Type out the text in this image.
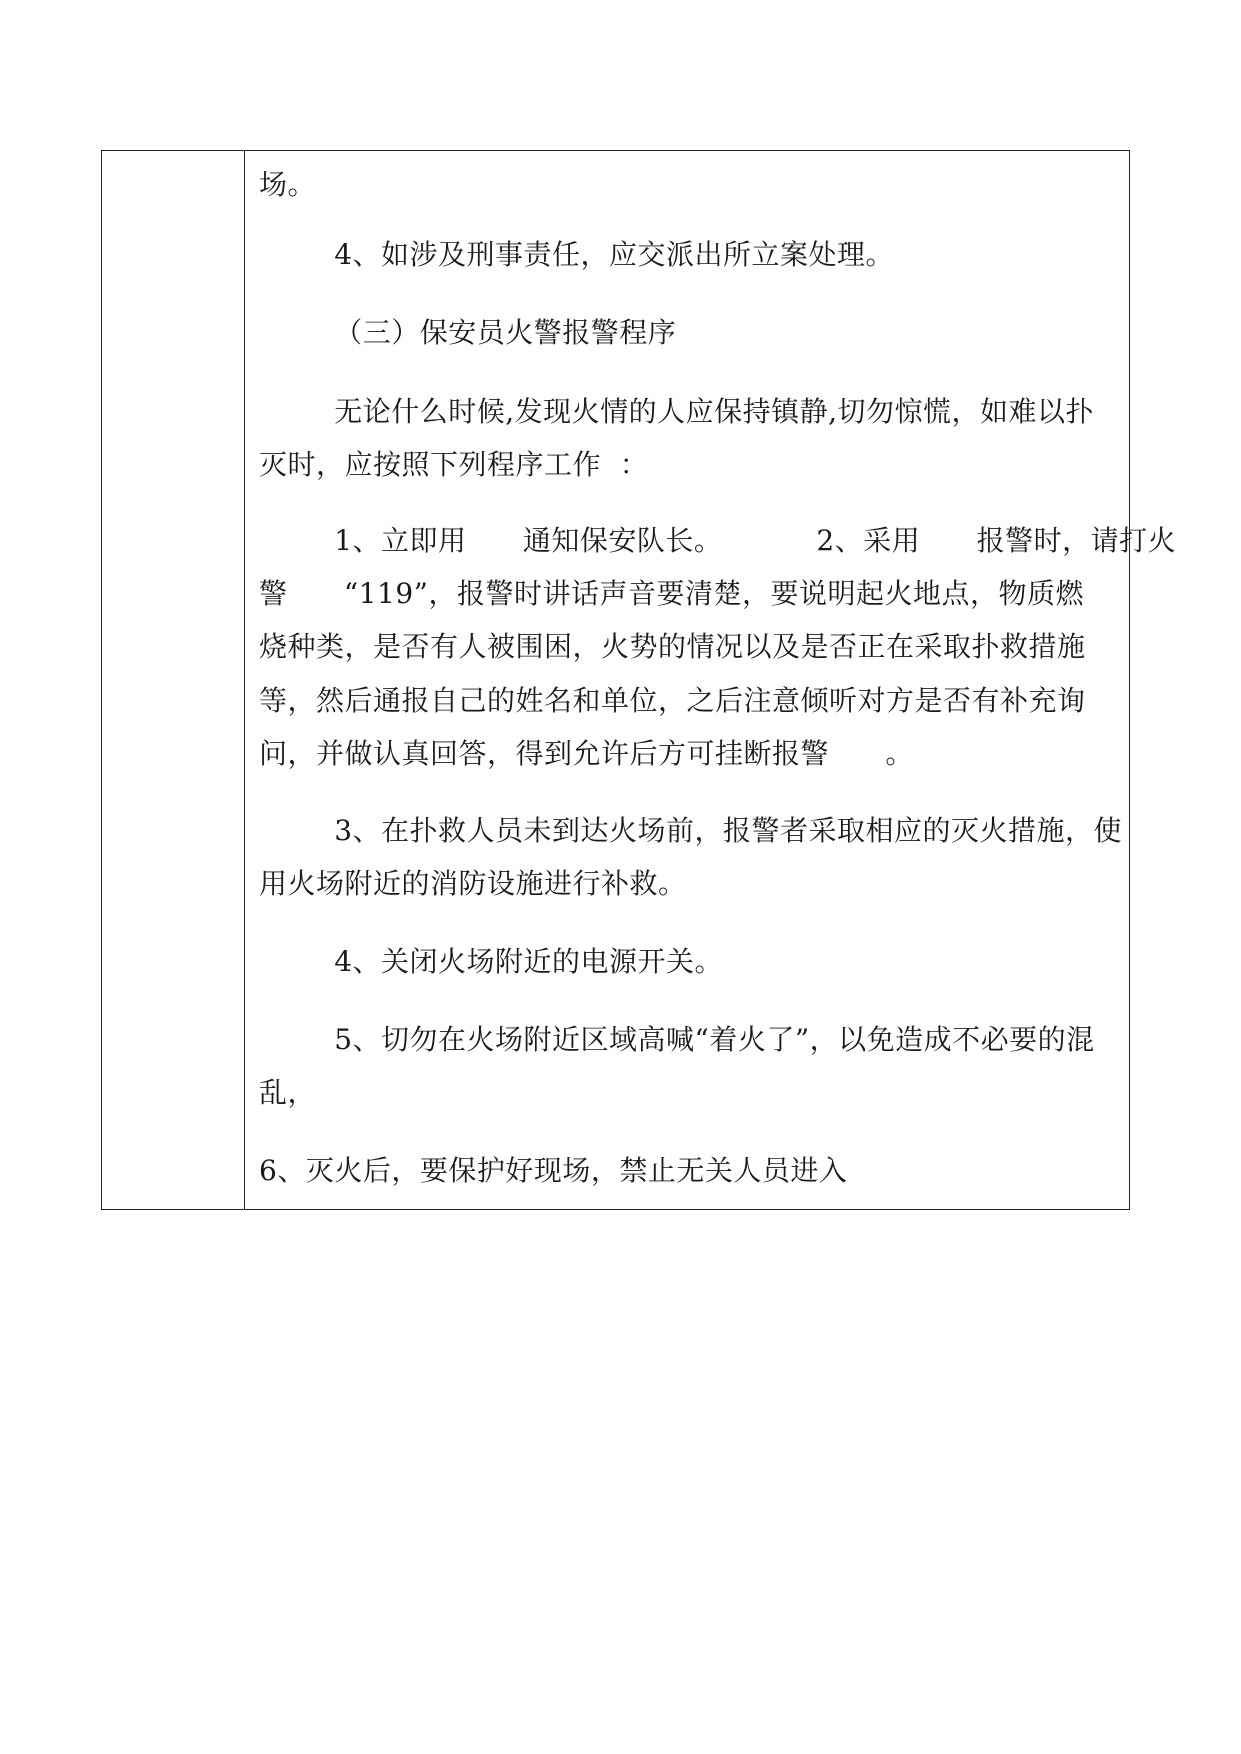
场。
4、如涉及刑事责任，应交派出所立案处理。
（三）保安员火警报警程序
无论什么时候,发现火情的人应保持镇静,切勿惊慌，如难以扑
灭时，应按照下列程序工作  ：
1、立即用      通知保安队长。          2、采用      报警时，请打火
警      “119”，报警时讲话声音要清楚，要说明起火地点，物质燃
烧种类，是否有人被围困，火势的情况以及是否正在采取扑救措施
等，然后通报自己的姓名和单位，之后注意倾听对方是否有补充询
问，并做认真回答，得到允许后方可挂断报警      。
3、在扑救人员未到达火场前，报警者采取相应的灭火措施，使
用火场附近的消防设施进行补救。
4、关闭火场附近的电源开关。
5、切勿在火场附近区域高喊“着火了”，以免造成不必要的混
乱，
6、灭火后，要保护好现场，禁止无关人员进入
